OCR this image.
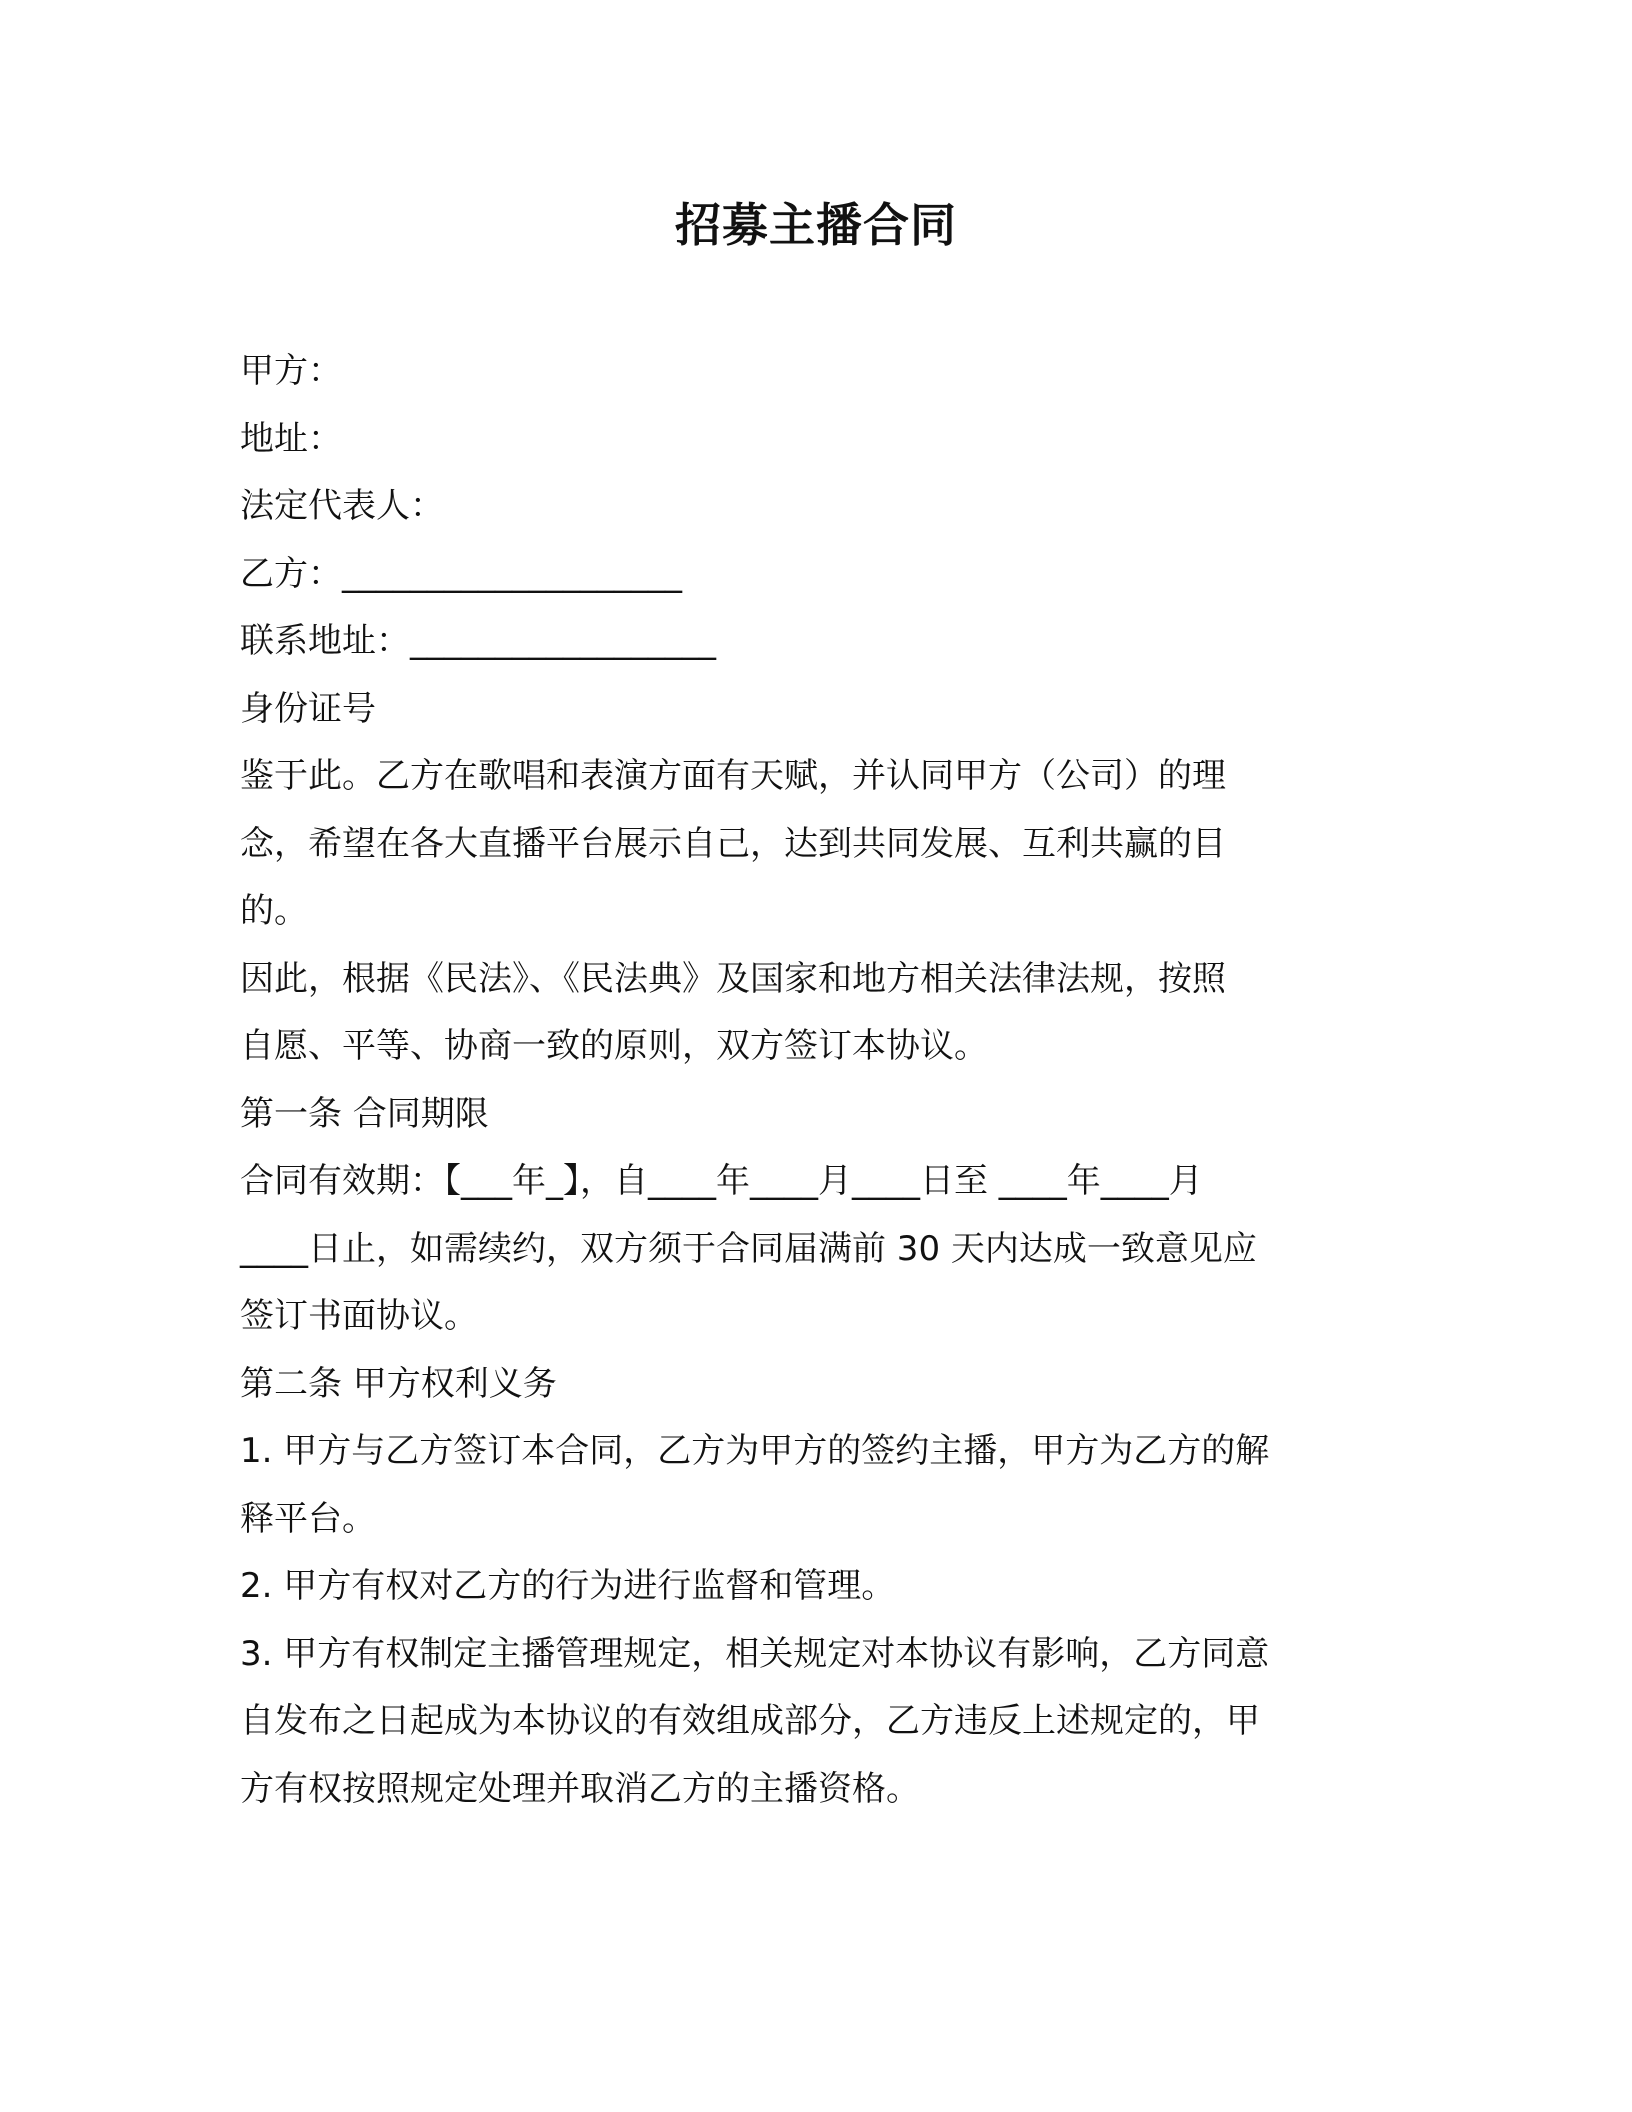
招募主播合同
甲方：
地址：
法定代表人：
乙方：____________________
联系地址：__________________
身份证号
鉴于此。乙方在歌唱和表演方面有天赋，并认同甲方（公司）的理
念，希望在各大直播平台展示自己，达到共同发展、互利共赢的目
的。
因此，根据《民法》、《民法典》及国家和地方相关法律法规，按照
自愿、平等、协商一致的原则，双方签订本协议。
第一条 合同期限
合同有效期：【___年_】，自____年____月____日至 ____年____月
____日止，如需续约，双方须于合同届满前 30 天内达成一致意见应
签订书面协议。
第二条 甲方权利义务
1. 甲方与乙方签订本合同，乙方为甲方的签约主播，甲方为乙方的解
释平台。
2. 甲方有权对乙方的行为进行监督和管理。
3. 甲方有权制定主播管理规定，相关规定对本协议有影响，乙方同意
自发布之日起成为本协议的有效组成部分，乙方违反上述规定的，甲
方有权按照规定处理并取消乙方的主播资格。
